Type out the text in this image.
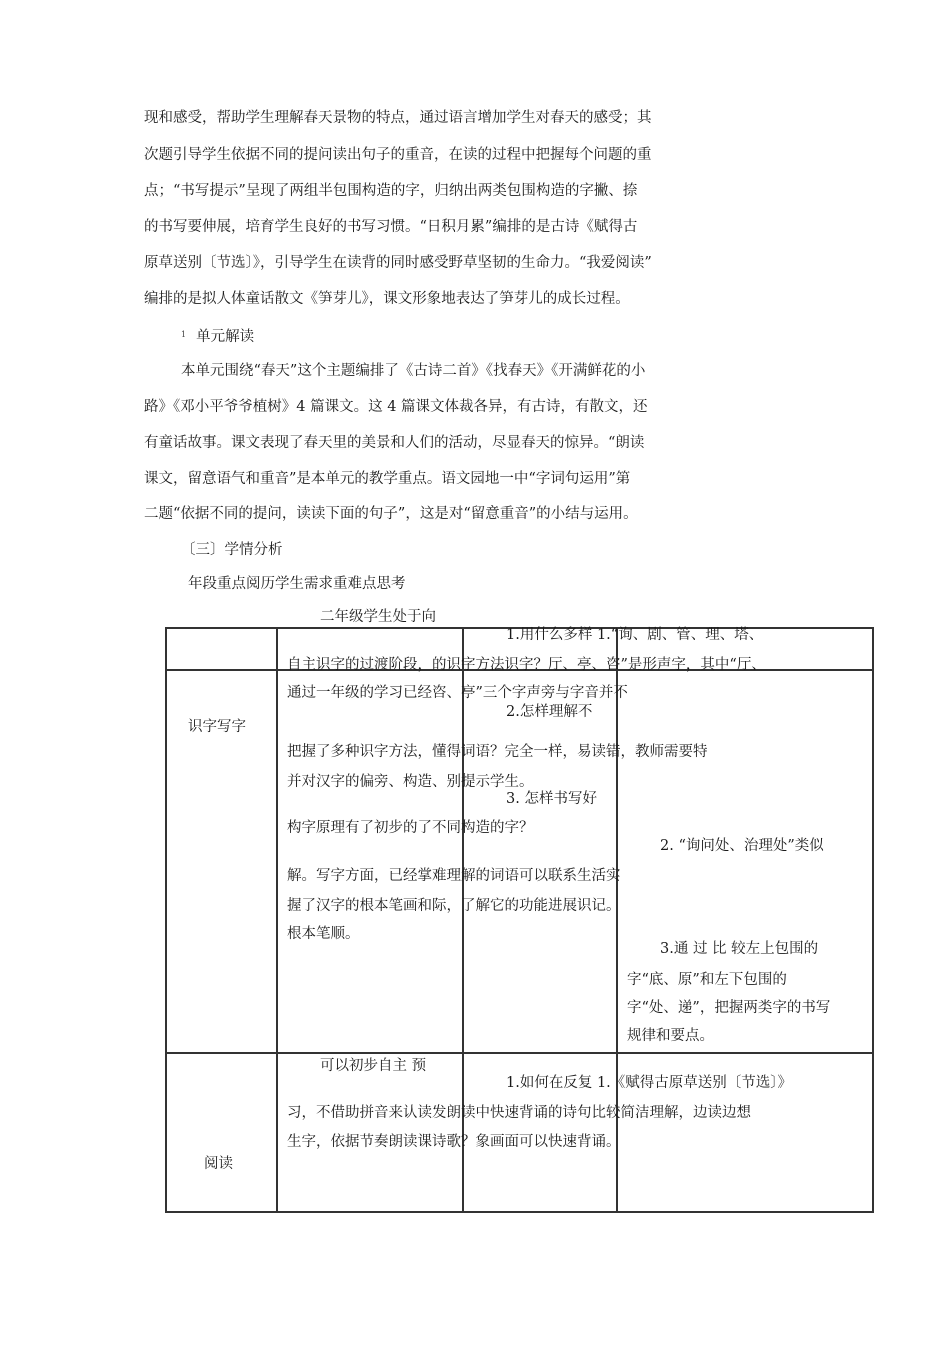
现和感受，帮助学生理解春天景物的特点，通过语言增加学生对春天的感受；其
次题引导学生依据不同的提问读出句子的重音，在读的过程中把握每个问题的重
点；“书写提示”呈现了两组半包围构造的字，归纳出两类包围构造的字撇、捺
的书写要伸展，培育学生良好的书写习惯。“日积月累”编排的是古诗《赋得古
原草送别〔节选〕》，引导学生在读背的同时感受野草坚韧的生命力。“我爱阅读”
编排的是拟人体童话散文《笋芽儿》，课文形象地表达了笋芽儿的成长过程。
$^1$ 单元解读
本单元围绕“春天”这个主题编排了《古诗二首》《找春天》《开满鲜花的小
路》《邓小平爷爷植树》4 篇课文。这 4 篇课文体裁各异，有古诗，有散文，还
有童话故事。课文表现了春天里的美景和人们的活动，尽显春天的惊异。“朗读
课文，留意语气和重音”是本单元的教学重点。语文园地一中“字词句运用”第
二题“依据不同的提问，读读下面的句子”，这是对“留意重音”的小结与运用。
〔三〕学情分析
年段重点阅历学生需求重难点思考
识字写字
阅读
二年级学生处于向
1.用什么多样 1.“询、剧、管、理、塔、
自主识字的过渡阶段，的识字方法识字？厅、亭、咨”是形声字，其中“厅、
通过一年级的学习已经咨、亭”三个字声旁与字音并不
2.怎样理解不
把握了多种识字方法，懂得词语？完全一样，易读错，教师需要特
并对汉字的偏旁、构造、别提示学生。
3. 怎样书写好
构字原理有了初步的了不同构造的字？
2. “询问处、治理处”类似
解。写字方面，已经掌难理解的词语可以联系生活实
握了汉字的根本笔画和际，了解它的功能进展识记。
根本笔顺。
3.通 过 比 较左上包围的
字“底、原”和左下包围的
字“处、递”，把握两类字的书写
规律和要点。
可以初步自主 预
1.如何在反复 1.《赋得古原草送别〔节选〕》
习，不借助拼音来认读发朗读中快速背诵的诗句比较简洁理解，边读边想
生字，依据节奏朗读课诗歌？象画面可以快速背诵。
